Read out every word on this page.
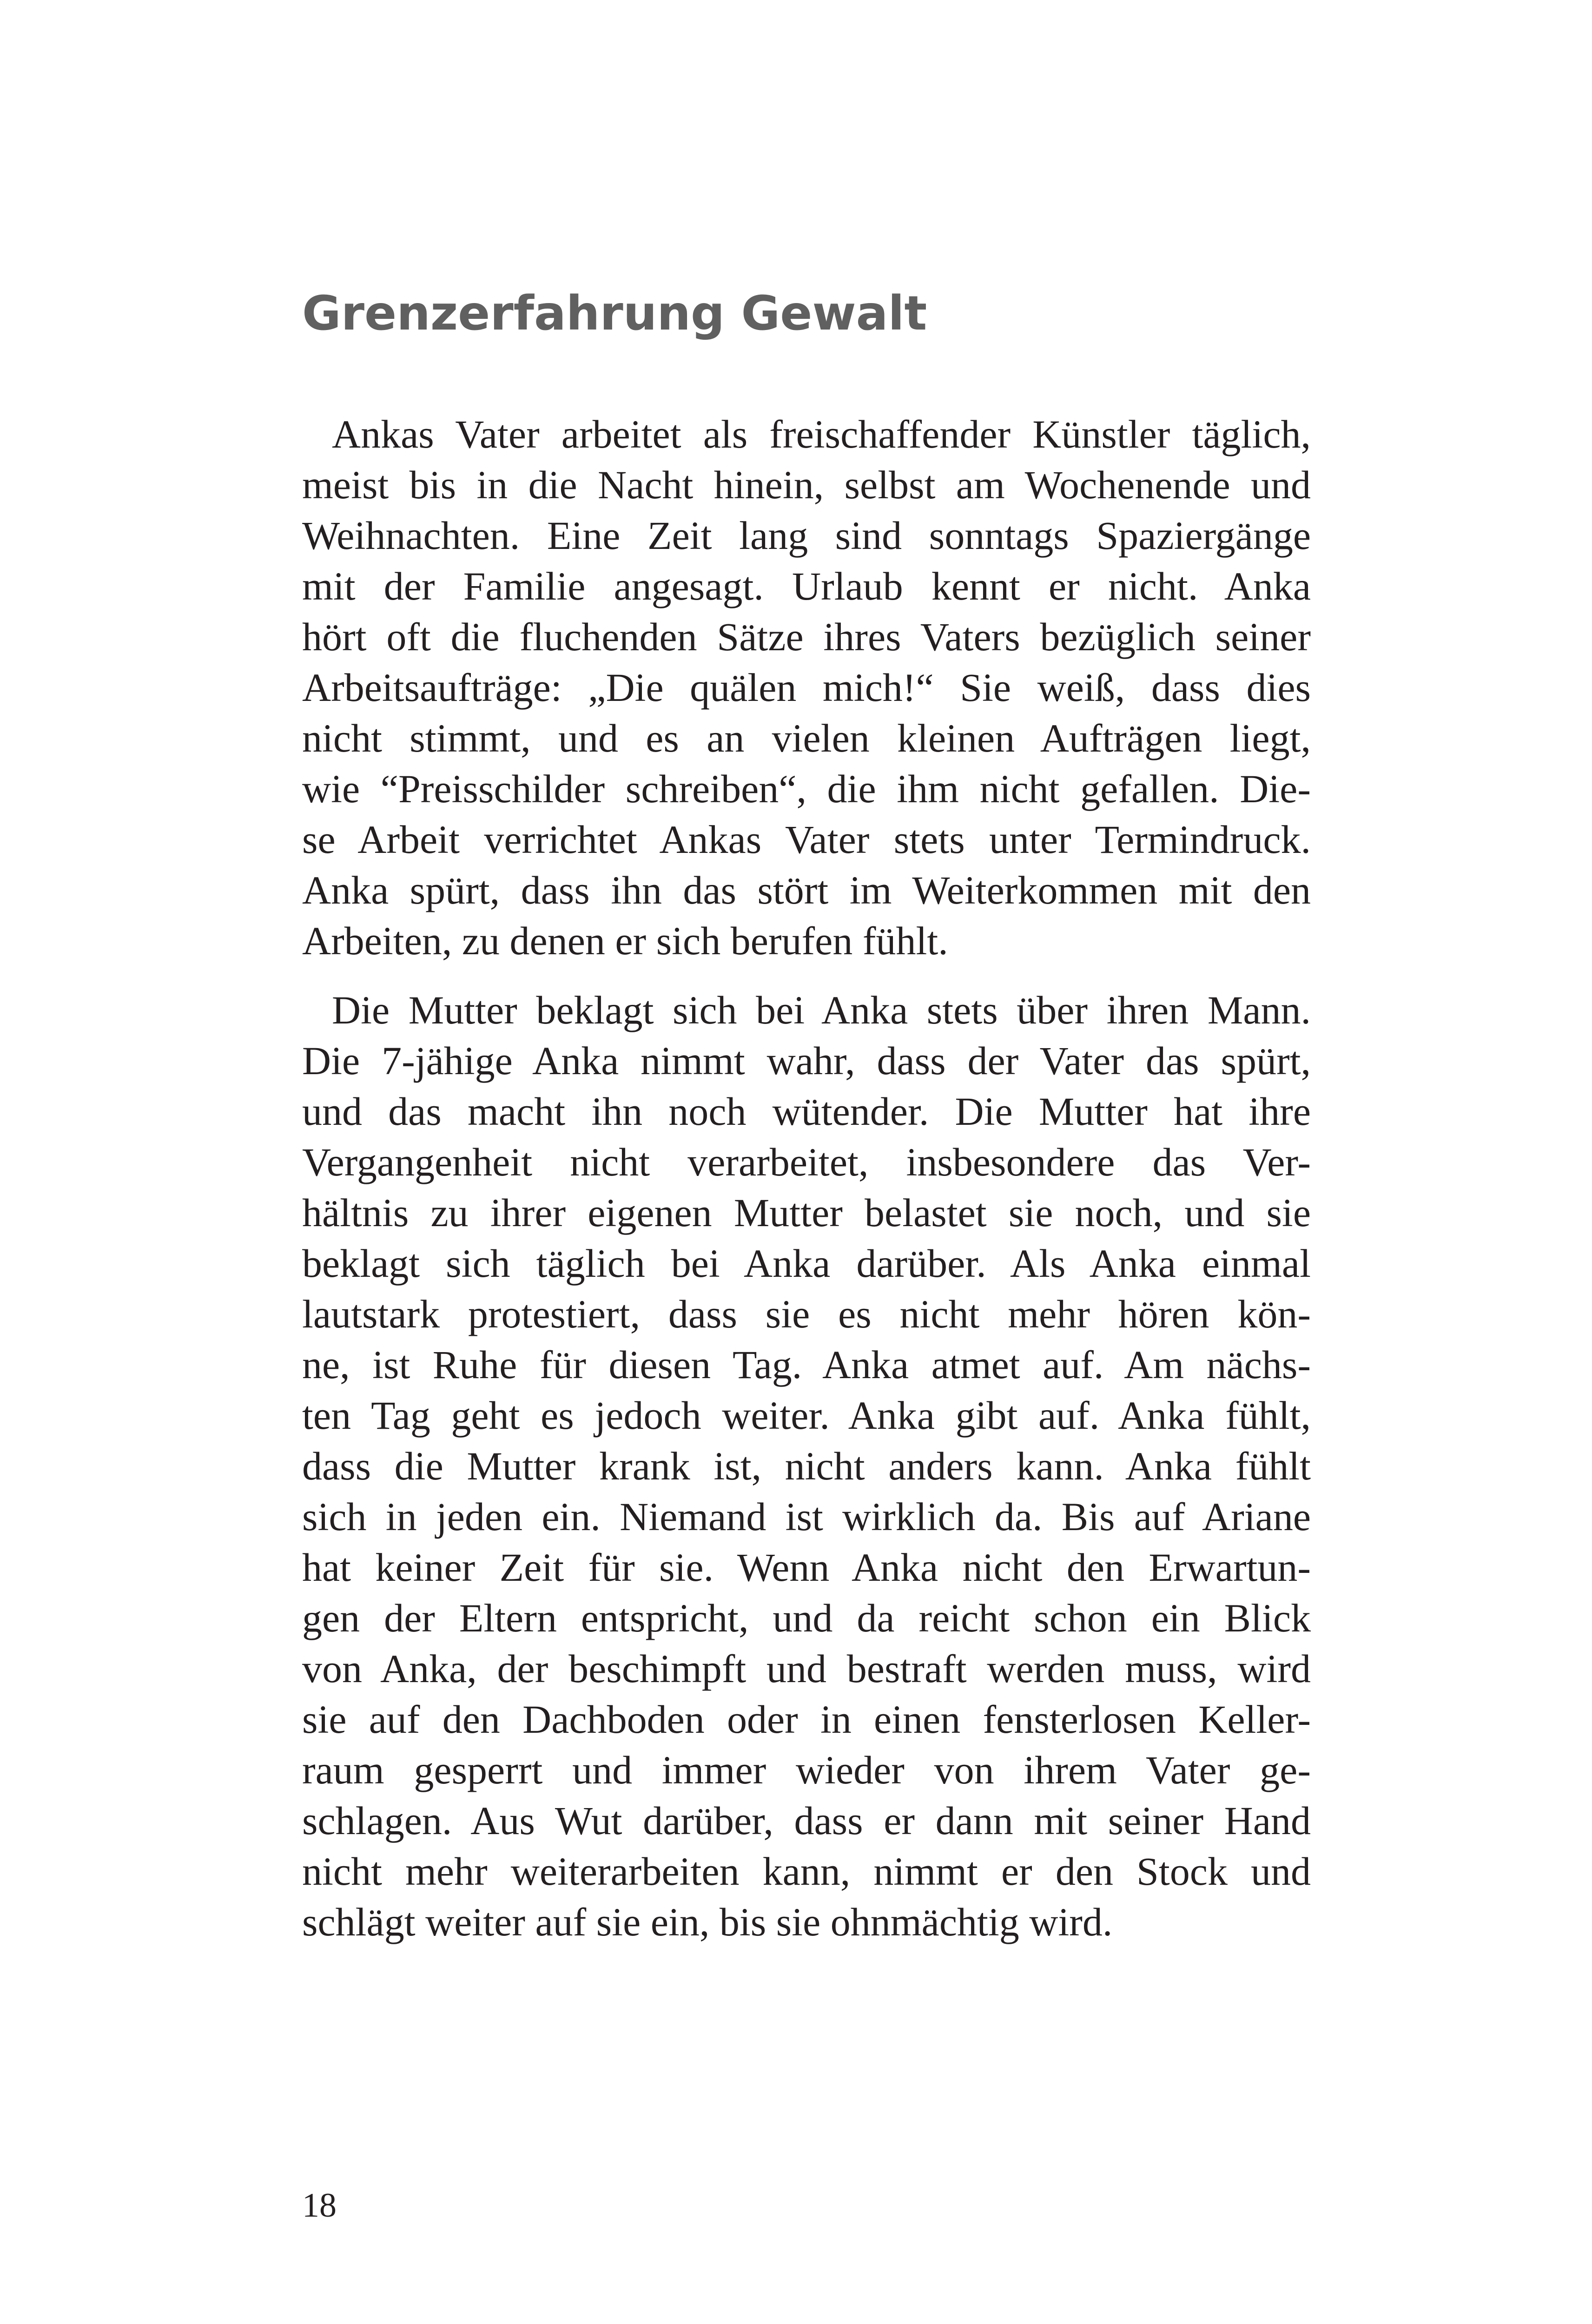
Grenzerfahrung Gewalt

Ankas Vater arbeitet als freischaffender Künstler täglich,
meist bis in die Nacht hinein, selbst am Wochenende und
Weihnachten. Eine Zeit lang sind sonntags Spaziergänge
mit der Familie angesagt. Urlaub kennt er nicht. Anka
hört oft die fluchenden Sätze ihres Vaters bezüglich seiner
Arbeitsaufträge: „Die quälen mich!“ Sie weiß, dass dies
nicht stimmt, und es an vielen kleinen Aufträgen liegt,
wie “Preisschilder schreiben“, die ihm nicht gefallen. Die-
se Arbeit verrichtet Ankas Vater stets unter Termindruck.
Anka spürt, dass ihn das stört im Weiterkommen mit den
Arbeiten, zu denen er sich berufen fühlt.

Die Mutter beklagt sich bei Anka stets über ihren Mann.
Die 7-jähige Anka nimmt wahr, dass der Vater das spürt,
und das macht ihn noch wütender. Die Mutter hat ihre
Vergangenheit nicht verarbeitet, insbesondere das Ver-
hältnis zu ihrer eigenen Mutter belastet sie noch, und sie
beklagt sich täglich bei Anka darüber. Als Anka einmal
lautstark protestiert, dass sie es nicht mehr hören kön-
ne, ist Ruhe für diesen Tag. Anka atmet auf. Am nächs-
ten Tag geht es jedoch weiter. Anka gibt auf. Anka fühlt,
dass die Mutter krank ist, nicht anders kann. Anka fühlt
sich in jeden ein. Niemand ist wirklich da. Bis auf Ariane
hat keiner Zeit für sie. Wenn Anka nicht den Erwartun-
gen der Eltern entspricht, und da reicht schon ein Blick
von Anka, der beschimpft und bestraft werden muss, wird
sie auf den Dachboden oder in einen fensterlosen Keller-
raum gesperrt und immer wieder von ihrem Vater ge-
schlagen. Aus Wut darüber, dass er dann mit seiner Hand
nicht mehr weiterarbeiten kann, nimmt er den Stock und
schlägt weiter auf sie ein, bis sie ohnmächtig wird.

18
